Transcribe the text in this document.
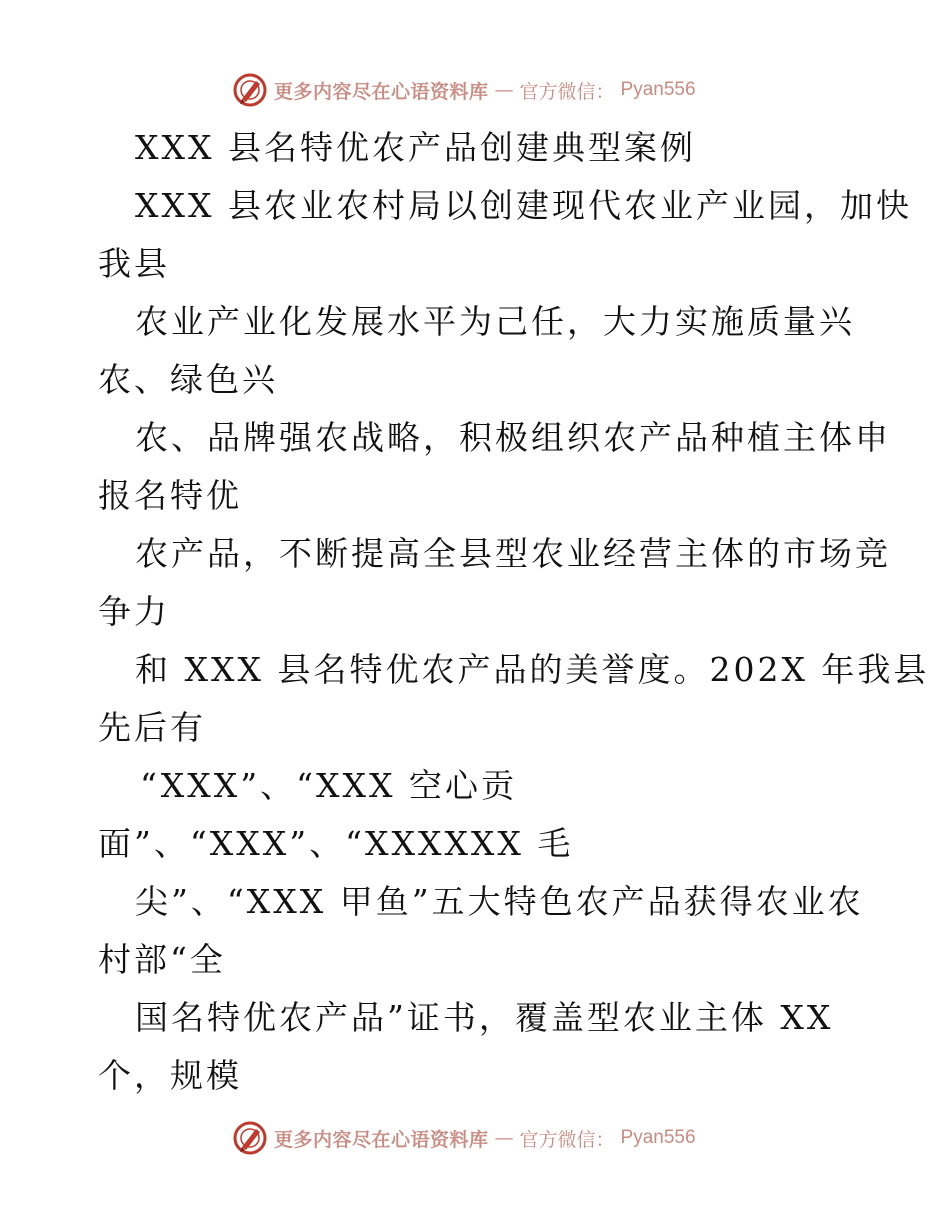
更多内容尽在心语资料库 — 官方微信： Pyan556
XXX 县名特优农产品创建典型案例
XXX 县农业农村局以创建现代农业产业园，加快
我县
农业产业化发展水平为己任，大力实施质量兴
农、绿色兴
农、品牌强农战略，积极组织农产品种植主体申
报名特优
农产品，不断提高全县型农业经营主体的市场竞
争力
和 XXX 县名特优农产品的美誉度。202X 年我县
先后有
“XXX”、“XXX 空心贡
面”、“XXX”、“XXXXXX 毛
尖”、“XXX 甲鱼”五大特色农产品获得农业农
村部“全
国名特优农产品”证书，覆盖型农业主体 XX
个，规模
更多内容尽在心语资料库 — 官方微信： Pyan556
